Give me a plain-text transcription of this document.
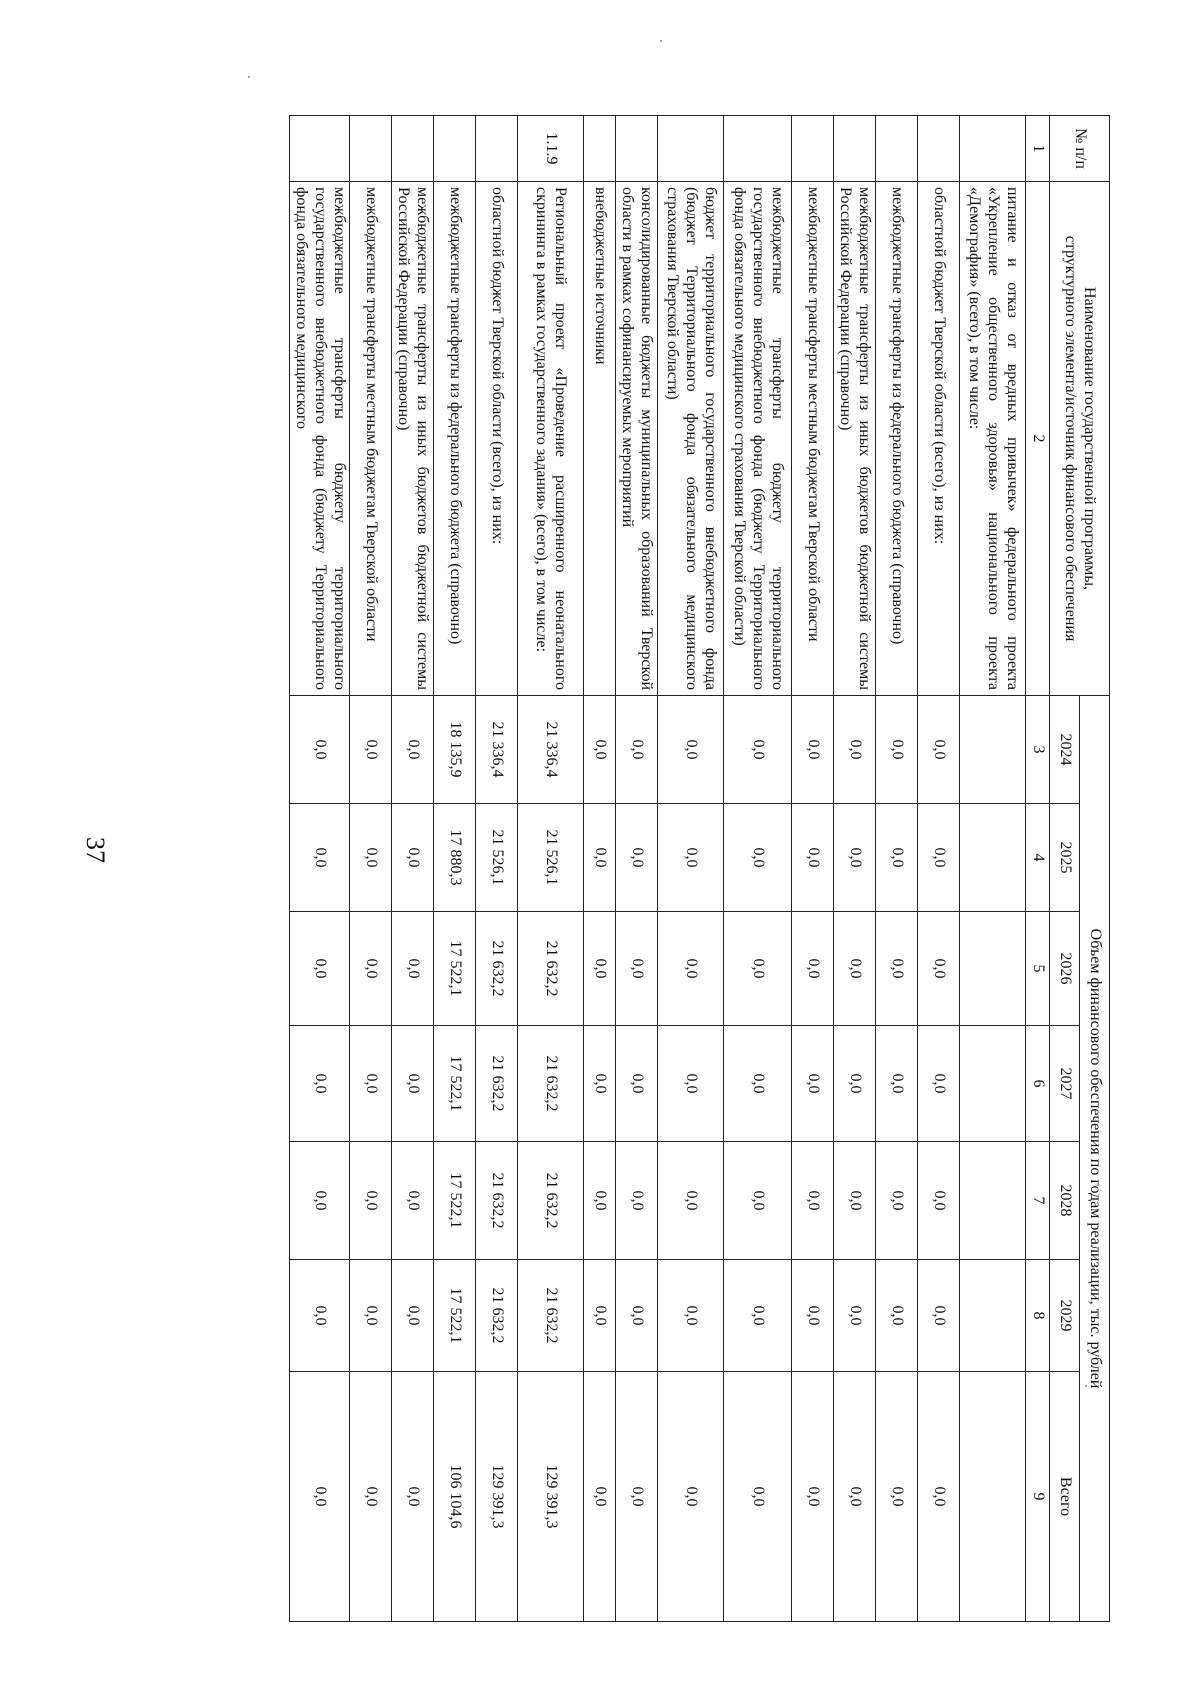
37
№ п/п	Наименование государственной программы,
структурного элемента/источник финансового обеспечения	Объем финансового обеспечения по годам реализации, тыс. рублей						
		2024	2025	2026	2027	2028	2029	Всего
1	2	3	4	5	6	7	8	9
	питание и отказ от вредных привычек» федерального проекта «Укрепление общественного здоровья» национального проекта «Демография» (всего), в том числе:							
	областной бюджет Тверской области (всего), из них:	0,0	0,0	0,0	0,0	0,0	0,0	0,0
	межбюджетные трансферты из федерального бюджета (справочно)	0,0	0,0	0,0	0,0	0,0	0,0	0,0
	межбюджетные трансферты из иных бюджетов бюджетной системы Российской Федерации (справочно)	0,0	0,0	0,0	0,0	0,0	0,0	0,0
	межбюджетные трансферты местным бюджетам Тверской области	0,0	0,0	0,0	0,0	0,0	0,0	0,0
	межбюджетные трансферты бюджету территориального государственного внебюджетного фонда (бюджету Территориального фонда обязательного медицинского страхования Тверской области)	0,0	0,0	0,0	0,0	0,0	0,0	0,0
	бюджет территориального государственного внебюджетного фонда (бюджет Территориального фонда обязательного медицинского страхования Тверской области)	0,0	0,0	0,0	0,0	0,0	0,0	0,0
	консолидированные бюджеты муниципальных образований Тверской области в рамках софинансируемых мероприятий	0,0	0,0	0,0	0,0	0,0	0,0	0,0
	внебюджетные источники	0,0	0,0	0,0	0,0	0,0	0,0	0,0
1.1.9	Региональный проект «Проведение расширенного неонатального скрининга в рамках государственного задания» (всего), в том числе:	21 336,4	21 526,1	21 632,2	21 632,2	21 632,2	21 632,2	129 391,3
	областной бюджет Тверской области (всего), из них:	21 336,4	21 526,1	21 632,2	21 632,2	21 632,2	21 632,2	129 391,3
	межбюджетные трансферты из федерального бюджета (справочно)	18 135,9	17 880,3	17 522,1	17 522,1	17 522,1	17 522,1	106 104,6
	межбюджетные трансферты из иных бюджетов бюджетной системы Российской Федерации (справочно)	0,0	0,0	0,0	0,0	0,0	0,0	0,0
	межбюджетные трансферты местным бюджетам Тверской области	0,0	0,0	0,0	0,0	0,0	0,0	0,0
	межбюджетные трансферты бюджету территориального государственного внебюджетного фонда (бюджету Территориального фонда обязательного медицинского	0,0	0,0	0,0	0,0	0,0	0,0	0,0
